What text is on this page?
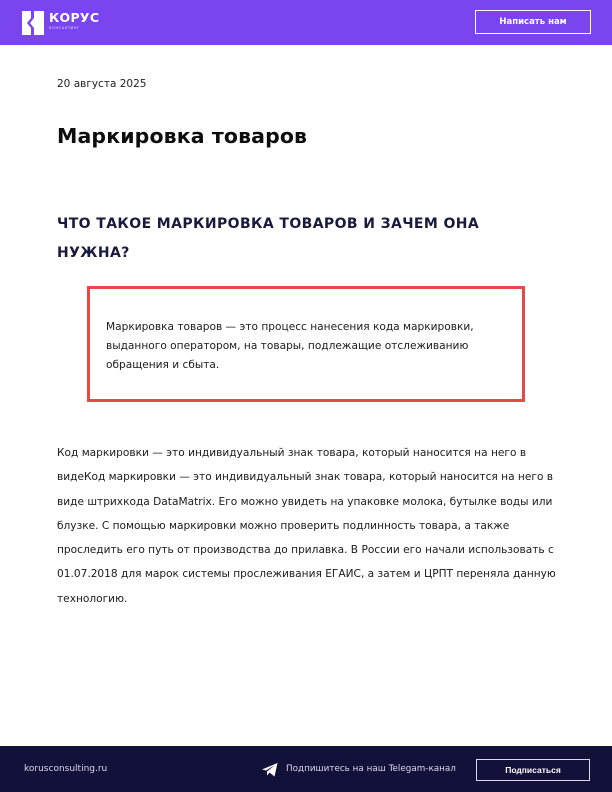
КОРУС
КОНСАЛТИНГ
Написать нам
20 августа 2025
Маркировка товаров
ЧТО ТАКОЕ МАРКИРОВКА ТОВАРОВ И ЗАЧЕМ ОНА НУЖНА?

Маркировка товаров — это процесс нанесения кода маркировки, выданного оператором, на товары, подлежащие отслеживанию обращения и сбыта.

Код маркировки — это индивидуальный знак товара, который наносится на него в видеКод маркировки — это индивидуальный знак товара, который наносится на него в виде штрихкода DataMatrix. Его можно увидеть на упаковке молока, бутылке воды или блузке. С помощью маркировки можно проверить подлинность товара, а также проследить его путь от производства до прилавка. В России его начали использовать с 01.07.2018 для марок системы прослеживания ЕГАИС, а затем и ЦРПТ переняла данную технологию.

korusconsulting.ru	Подпишитесь на наш Telegam-канал	Подписаться
